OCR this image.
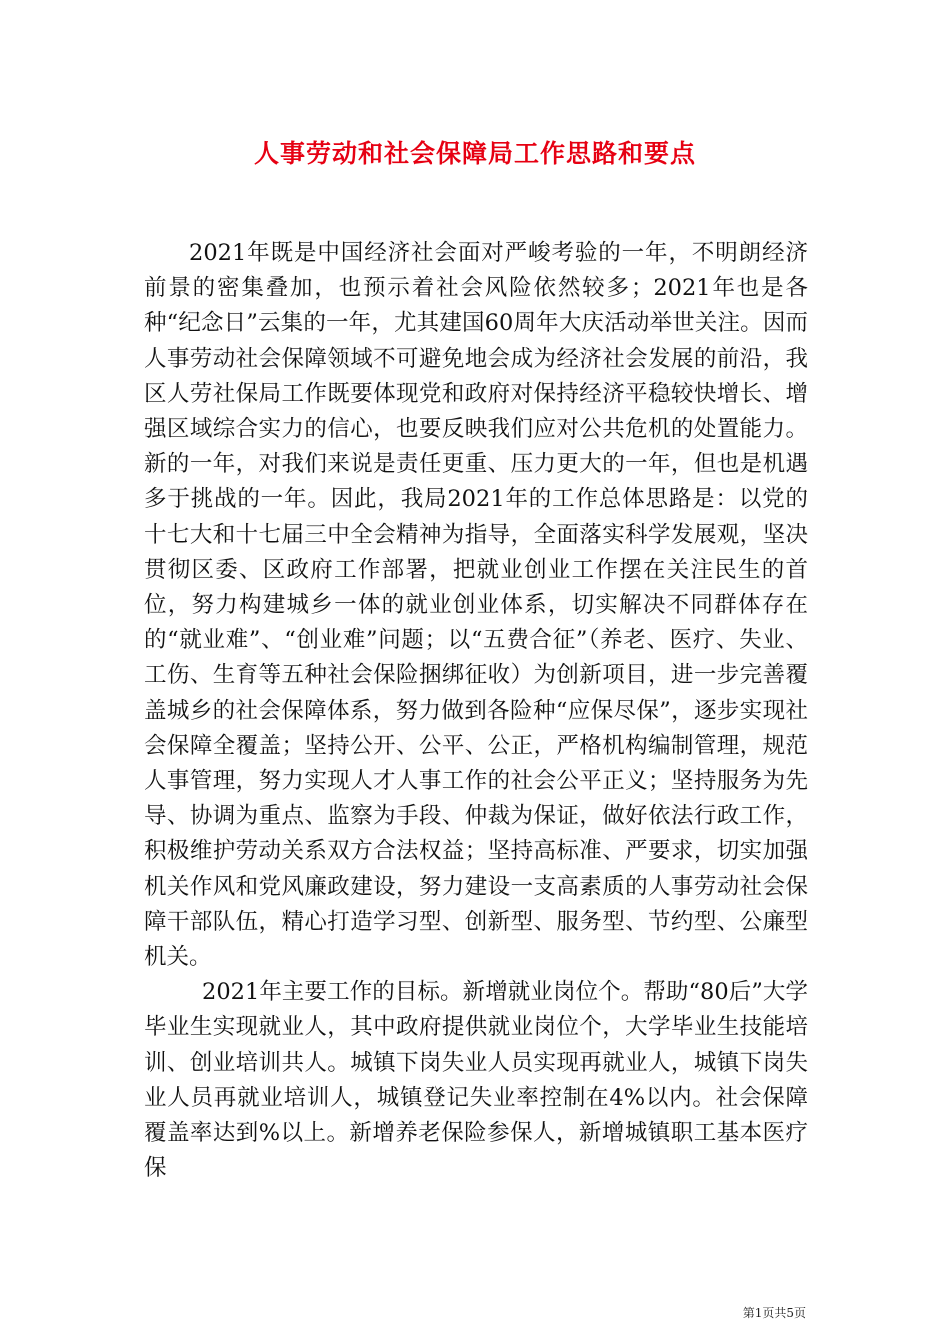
人事劳动和社会保障局工作思路和要点

2021年既是中国经济社会面对严峻考验的一年，不明朗经济前景的密集叠加，也预示着社会风险依然较多；2021年也是各种“纪念日”云集的一年，尤其建国60周年大庆活动举世关注。因而人事劳动社会保障领域不可避免地会成为经济社会发展的前沿，我区人劳社保局工作既要体现党和政府对保持经济平稳较快增长、增强区域综合实力的信心，也要反映我们应对公共危机的处置能力。新的一年，对我们来说是责任更重、压力更大的一年，但也是机遇多于挑战的一年。因此，我局2021年的工作总体思路是：以党的十七大和十七届三中全会精神为指导，全面落实科学发展观，坚决贯彻区委、区政府工作部署，把就业创业工作摆在关注民生的首位，努力构建城乡一体的就业创业体系，切实解决不同群体存在的“就业难”、“创业难”问题；以“五费合征”（养老、医疗、失业、工伤、生育等五种社会保险捆绑征收）为创新项目，进一步完善覆盖城乡的社会保障体系，努力做到各险种“应保尽保”，逐步实现社会保障全覆盖；坚持公开、公平、公正，严格机构编制管理，规范人事管理，努力实现人才人事工作的社会公平正义；坚持服务为先导、协调为重点、监察为手段、仲裁为保证，做好依法行政工作，积极维护劳动关系双方合法权益；坚持高标准、严要求，切实加强机关作风和党风廉政建设，努力建设一支高素质的人事劳动社会保障干部队伍，精心打造学习型、创新型、服务型、节约型、公廉型机关。

2021年主要工作的目标。新增就业岗位个。帮助“80后”大学毕业生实现就业人，其中政府提供就业岗位个，大学毕业生技能培训、创业培训共人。城镇下岗失业人员实现再就业人，城镇下岗失业人员再就业培训人，城镇登记失业率控制在4%以内。社会保障覆盖率达到%以上。新增养老保险参保人，新增城镇职工基本医疗保

第1页共5页
